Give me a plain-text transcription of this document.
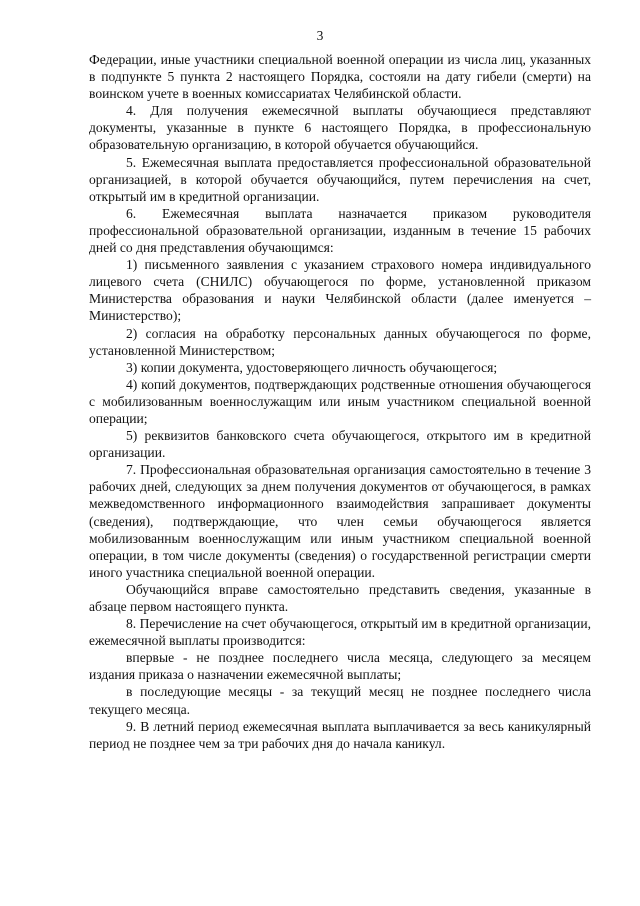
3

Федерации, иные участники специальной военной операции из числа лиц, указанных в подпункте 5 пункта 2 настоящего Порядка, состояли на дату гибели (смерти) на воинском учете в военных комиссариатах Челябинской области.

4. Для получения ежемесячной выплаты обучающиеся представляют документы, указанные в пункте 6 настоящего Порядка, в профессиональную образовательную организацию, в которой обучается обучающийся.

5. Ежемесячная выплата предоставляется профессиональной образовательной организацией, в которой обучается обучающийся, путем перечисления на счет, открытый им в кредитной организации.

6. Ежемесячная выплата назначается приказом руководителя профессиональной образовательной организации, изданным в течение 15 рабочих дней со дня представления обучающимся:

1) письменного заявления с указанием страхового номера индивидуального лицевого счета (СНИЛС) обучающегося по форме, установленной приказом Министерства образования и науки Челябинской области (далее именуется – Министерство);

2) согласия на обработку персональных данных обучающегося по форме, установленной Министерством;

3) копии документа, удостоверяющего личность обучающегося;

4) копий документов, подтверждающих родственные отношения обучающегося с мобилизованным военнослужащим или иным участником специальной военной операции;

5) реквизитов банковского счета обучающегося, открытого им в кредитной организации.

7. Профессиональная образовательная организация самостоятельно в течение 3 рабочих дней, следующих за днем получения документов от обучающегося, в рамках межведомственного информационного взаимодействия запрашивает документы (сведения), подтверждающие, что член семьи обучающегося является мобилизованным военнослужащим или иным участником специальной военной операции, в том числе документы (сведения) о государственной регистрации смерти иного участника специальной военной операции.

Обучающийся вправе самостоятельно представить сведения, указанные в абзаце первом настоящего пункта.

8. Перечисление на счет обучающегося, открытый им в кредитной организации, ежемесячной выплаты производится:

впервые - не позднее последнего числа месяца, следующего за месяцем издания приказа о назначении ежемесячной выплаты;

в последующие месяцы - за текущий месяц не позднее последнего числа текущего месяца.

9. В летний период ежемесячная выплата выплачивается за весь каникулярный период не позднее чем за три рабочих дня до начала каникул.
